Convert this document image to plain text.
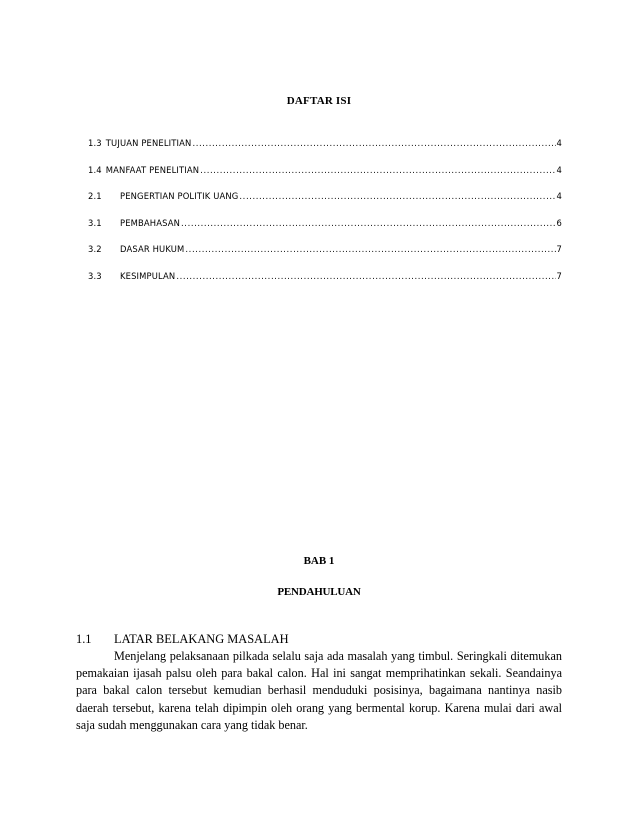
DAFTAR ISI
1.3 TUJUAN PENELITIAN .....	4
1.4 MANFAAT PENELITIAN .....	4
2.1	PENGERTIAN POLITIK UANG .....	4
3.1	PEMBAHASAN .....	6
3.2	DASAR HUKUM .....	7
3.3	KESIMPULAN .....	7
BAB 1
PENDAHULUAN
1.1	LATAR BELAKANG MASALAH

Menjelang pelaksanaan pilkada selalu saja ada masalah yang timbul. Seringkali ditemukan pemakaian ijasah palsu oleh para bakal calon. Hal ini sangat memprihatinkan sekali. Seandainya para bakal calon tersebut kemudian berhasil menduduki posisinya, bagaimana nantinya nasib daerah tersebut, karena telah dipimpin oleh orang yang bermental korup. Karena mulai dari awal saja sudah menggunakan cara yang tidak benar.
